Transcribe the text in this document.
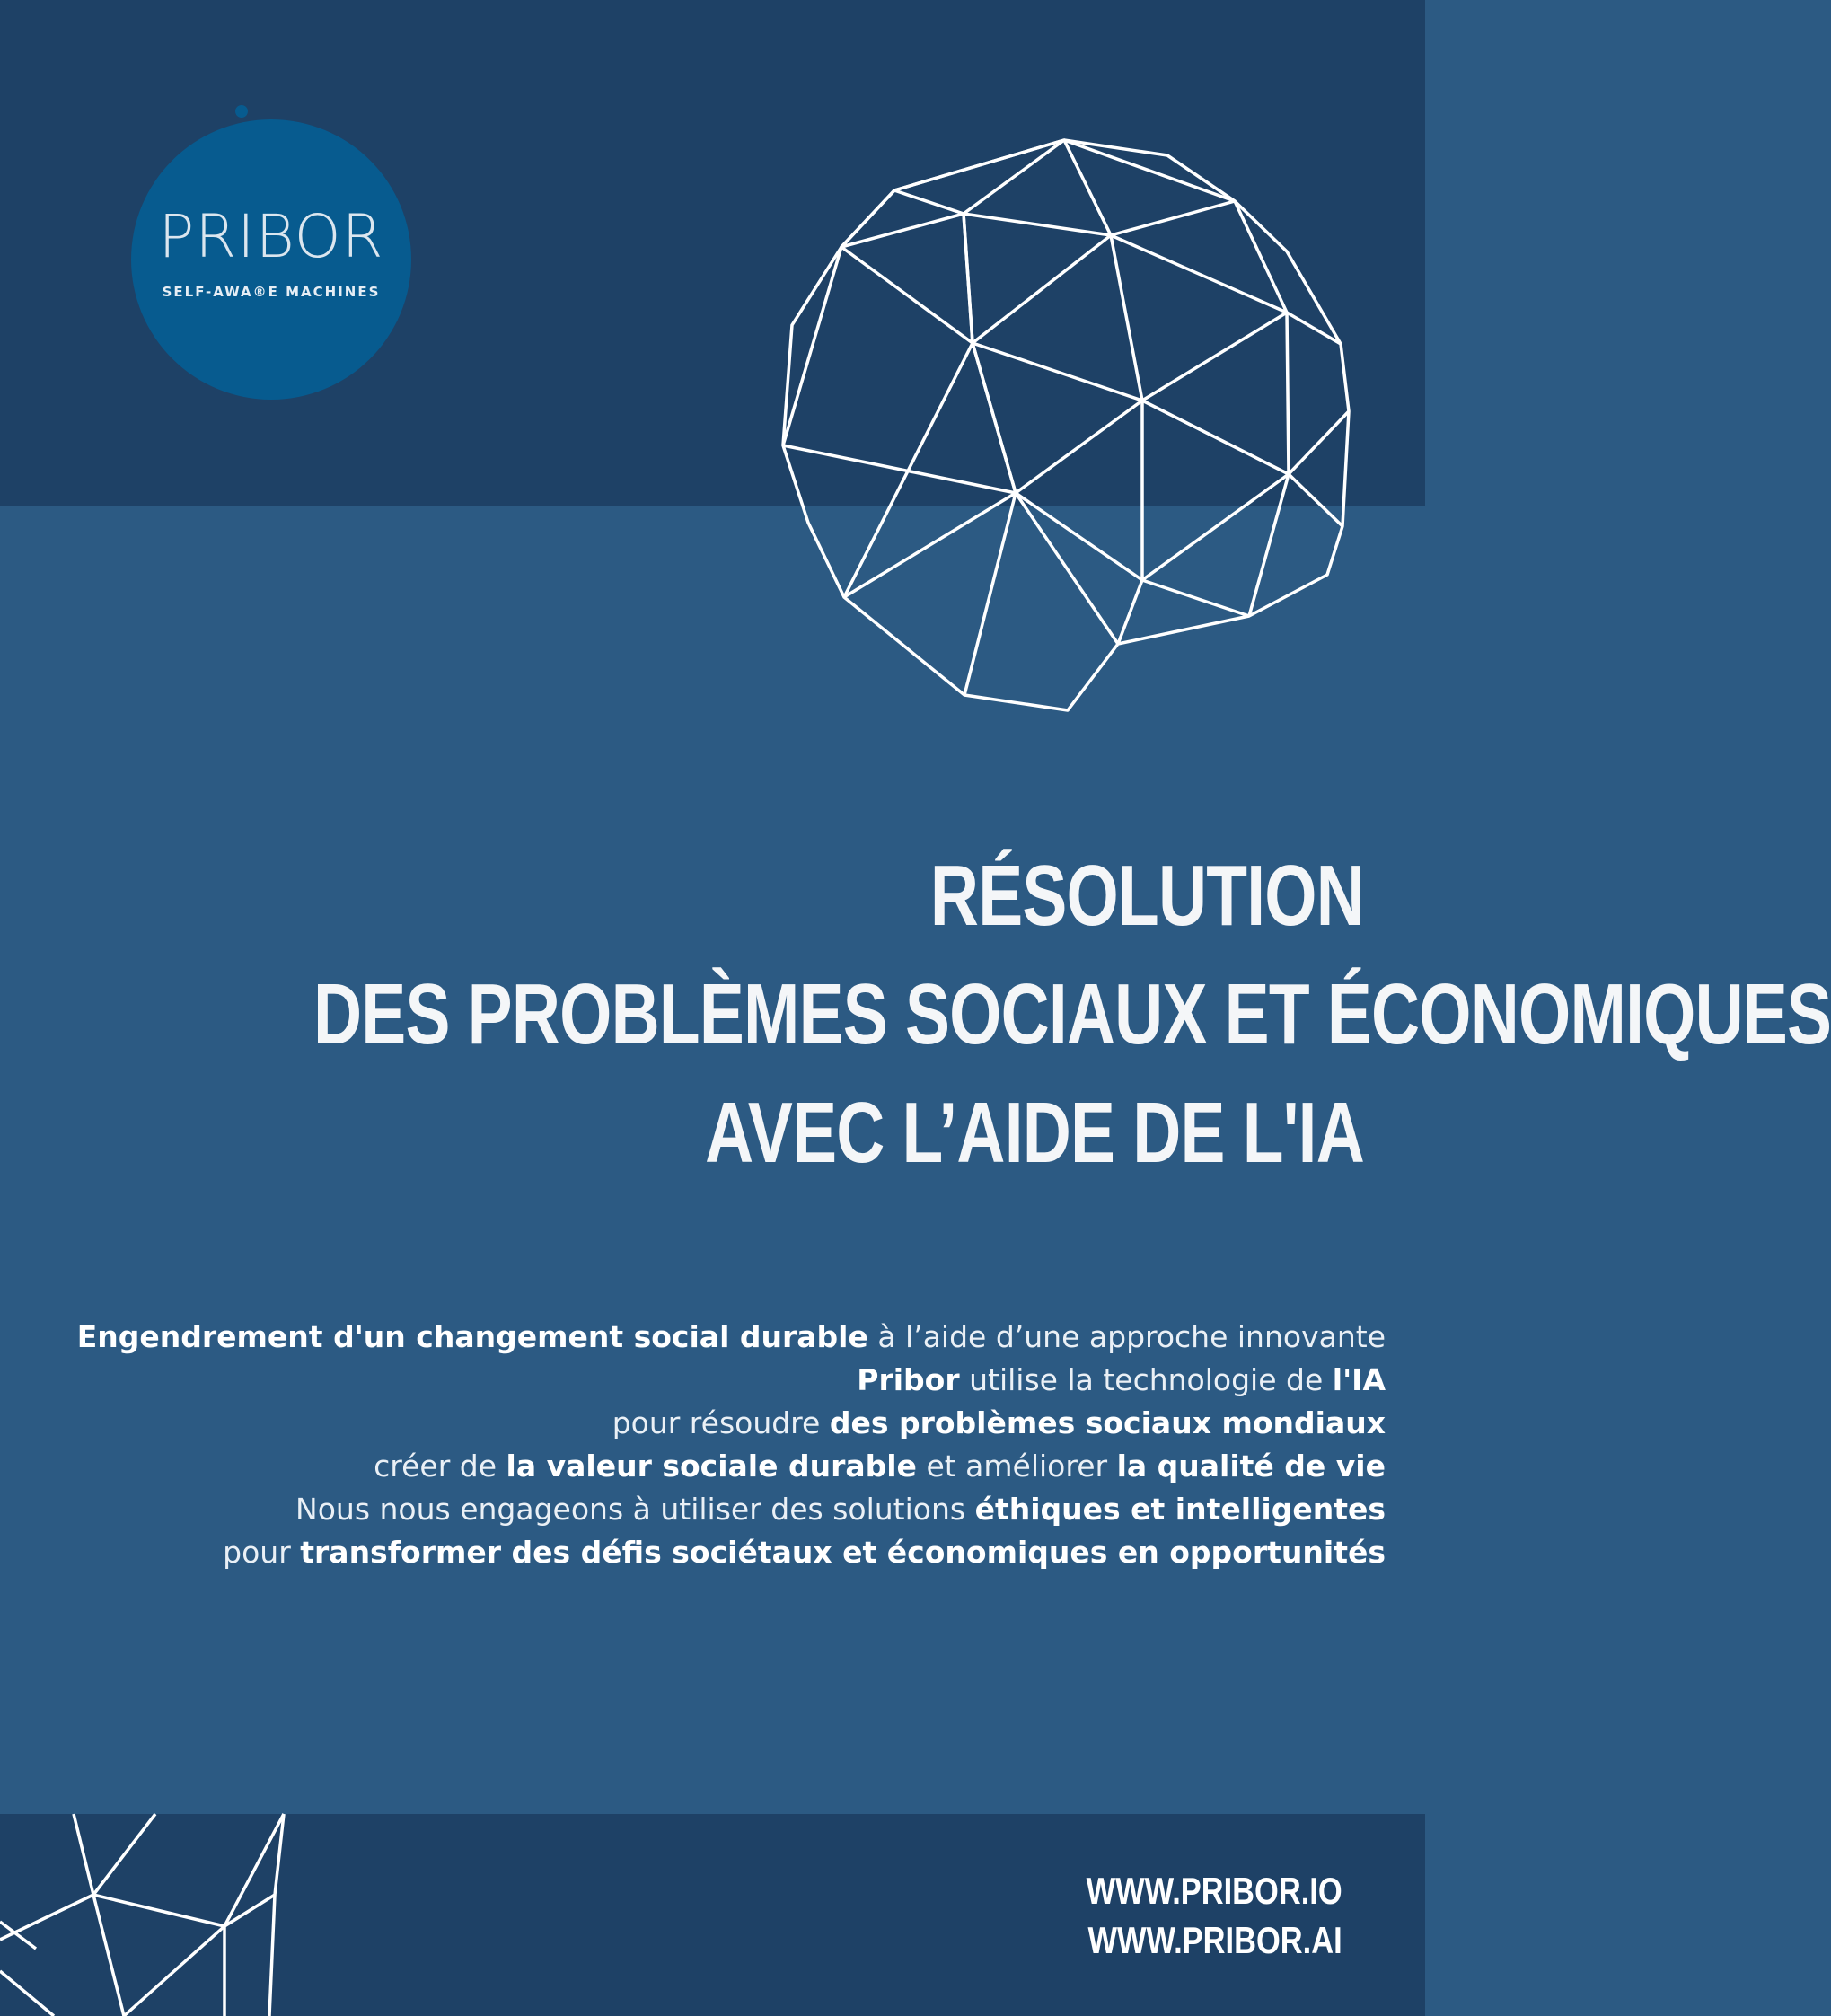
PRIBOR
SELF-AWA®E MACHINES
RÉSOLUTION
DES PROBLÈMES SOCIAUX ET ÉCONOMIQUES
AVEC L’AIDE DE L'IA

Engendrement d'un changement social durable à l’aide d’une approche innovante

Pribor utilise la technologie de l'IA

pour résoudre des problèmes sociaux mondiaux

créer de la valeur sociale durable et améliorer la qualité de vie

Nous nous engageons à utiliser des solutions éthiques et intelligentes

pour transformer des défis sociétaux et économiques en opportunités

WWW.PRIBOR.IO
WWW.PRIBOR.AI
